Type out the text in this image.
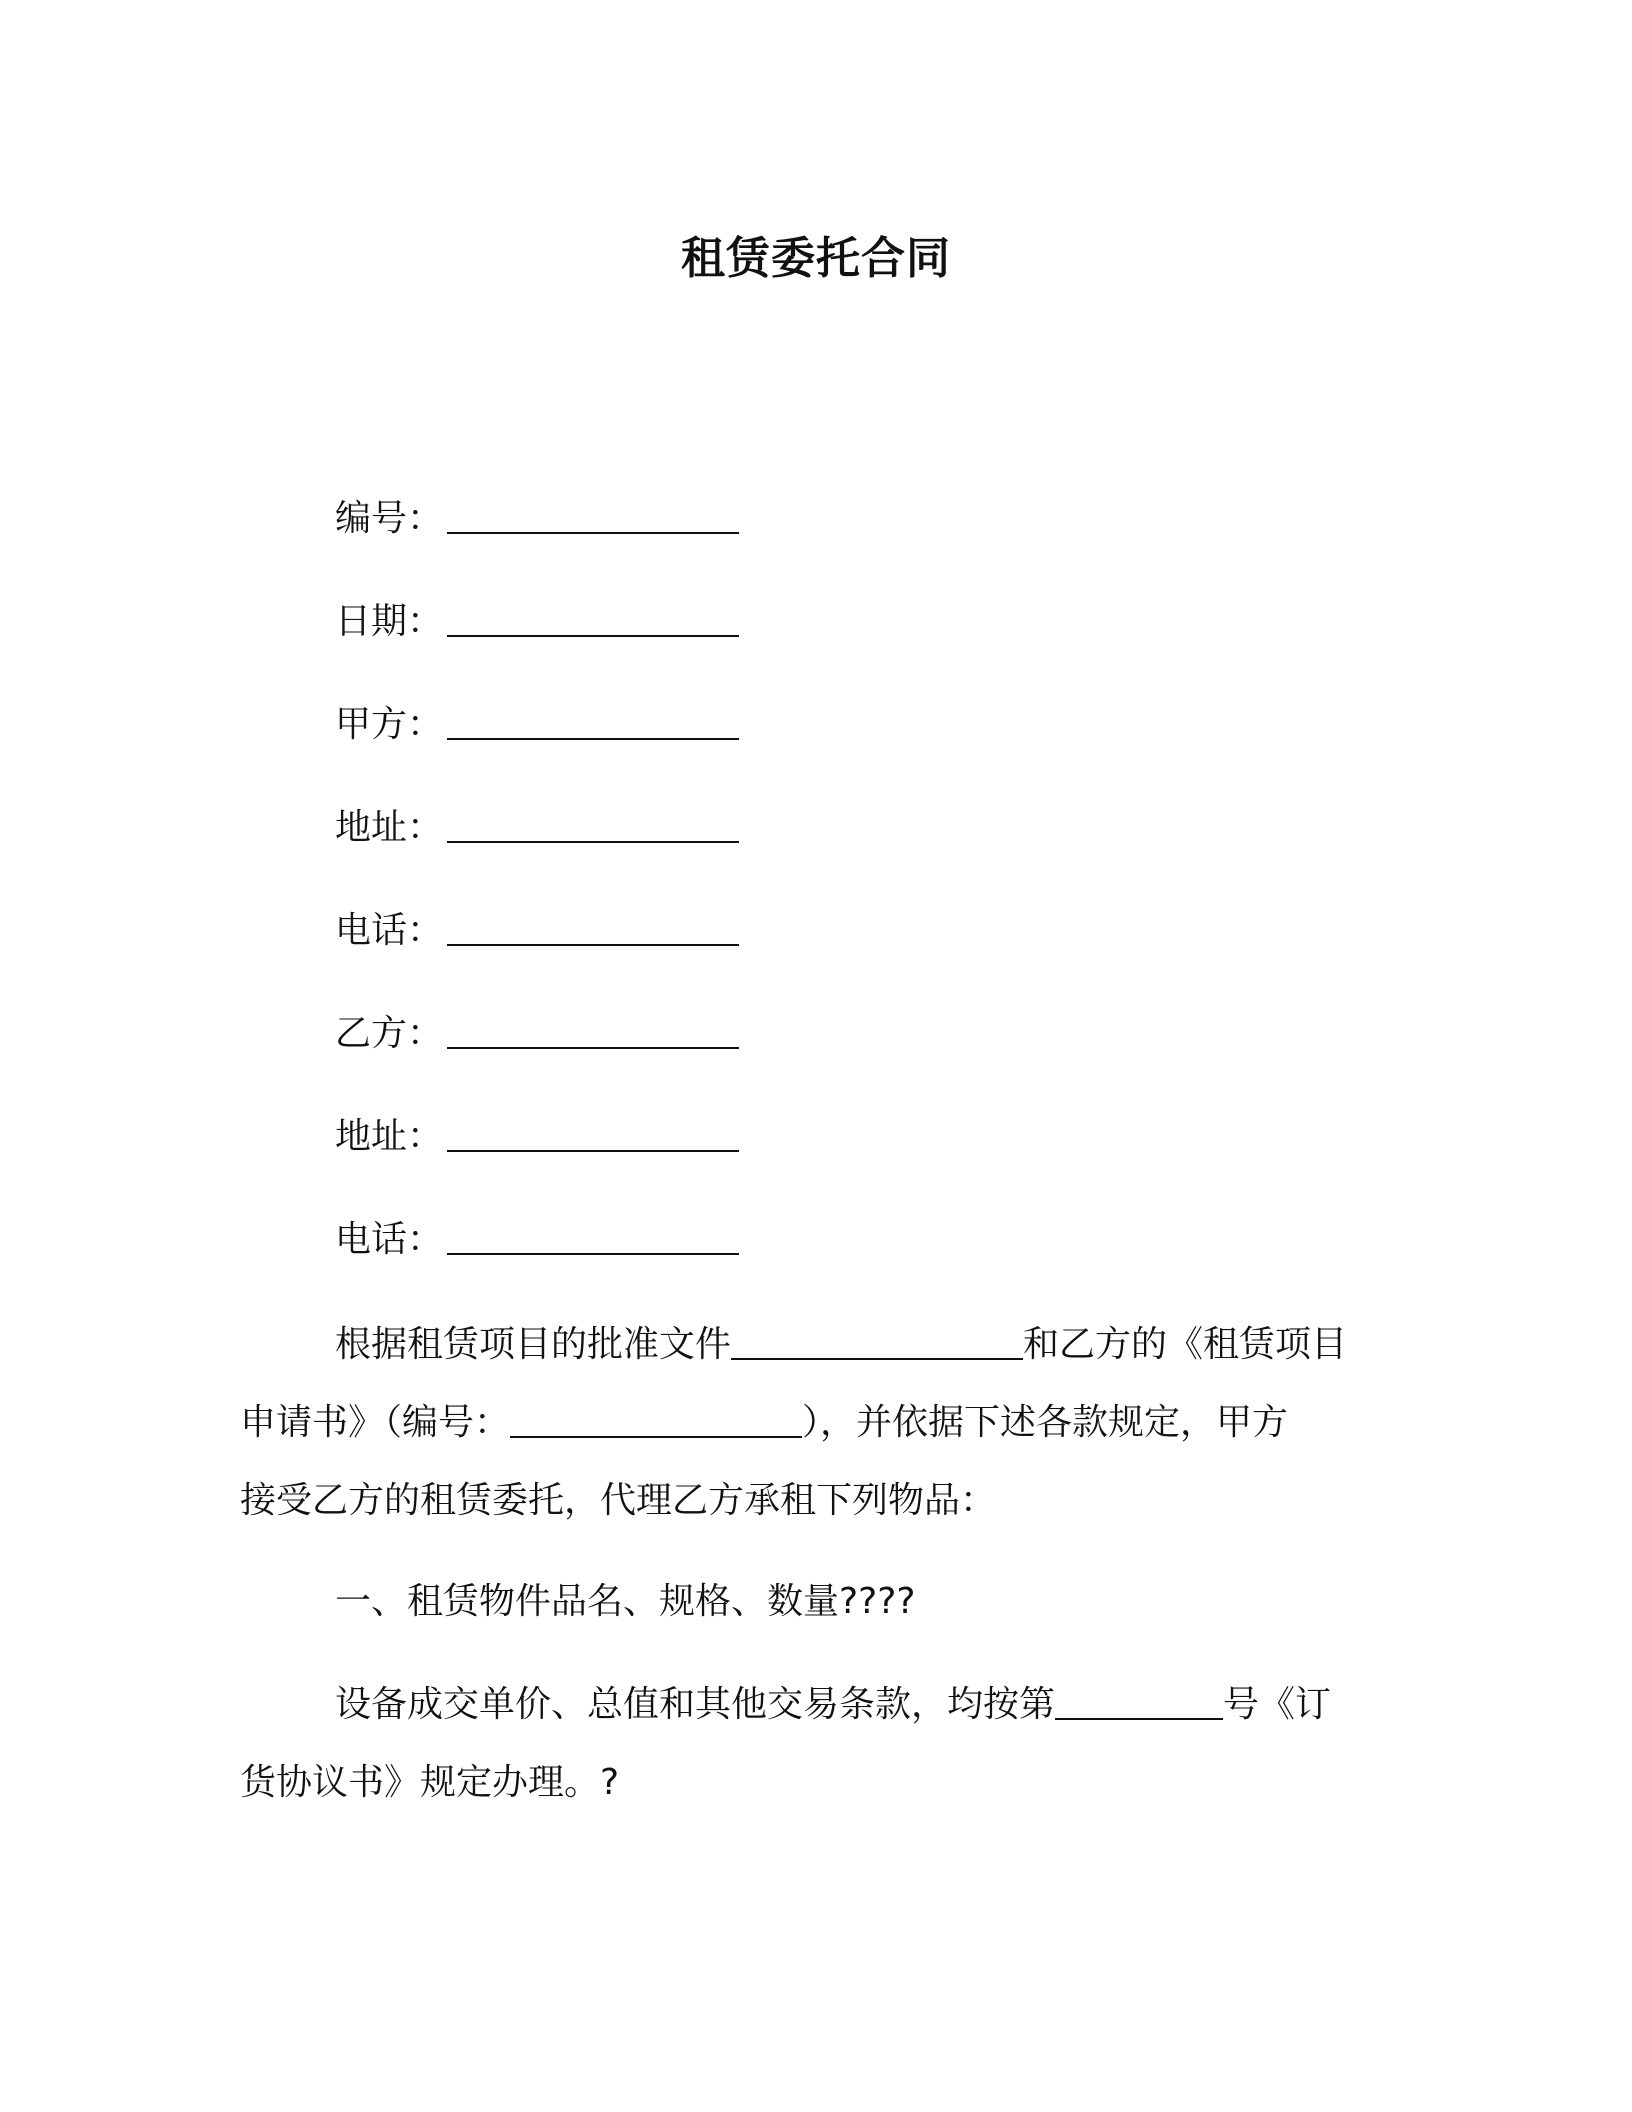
租赁委托合同
编号：
日期：
甲方：
地址：
电话：
乙方：
地址：
电话：
根据租赁项目的批准文件	和乙方的《租赁项目
申请书》（编号：	），并依据下述各款规定，甲方
接受乙方的租赁委托，代理乙方承租下列物品：
一、租赁物件品名、规格、数量????
设备成交单价、总值和其他交易条款，均按第	号《订
货协议书》规定办理。?
